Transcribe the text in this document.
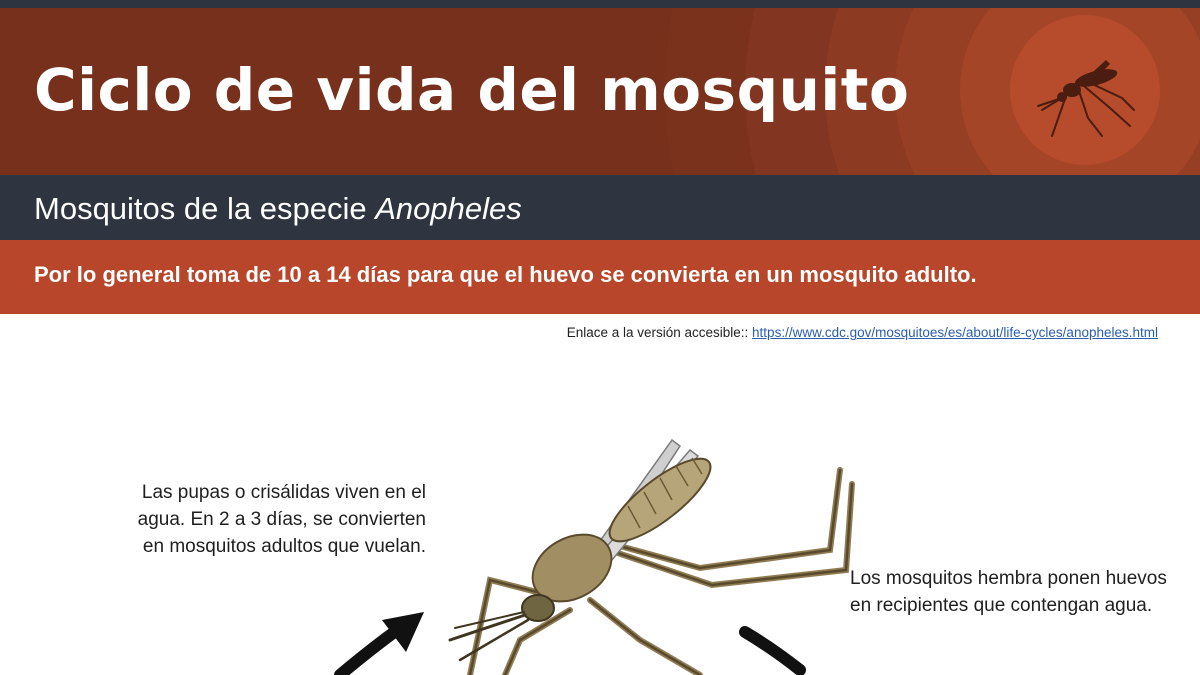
Ciclo de vida del mosquito
Mosquitos de la especie Anopheles

Por lo general toma de 10 a 14 días para que el huevo se convierta en un mosquito adulto.

Enlace a la versión accesible:: https://www.cdc.gov/mosquitoes/es/about/life-cycles/anopheles.html
Las pupas o crisálidas viven en el agua. En 2 a 3 días, se convierten en mosquitos adultos que vuelan.
Los mosquitos hembra ponen huevos en recipientes que contengan agua.
